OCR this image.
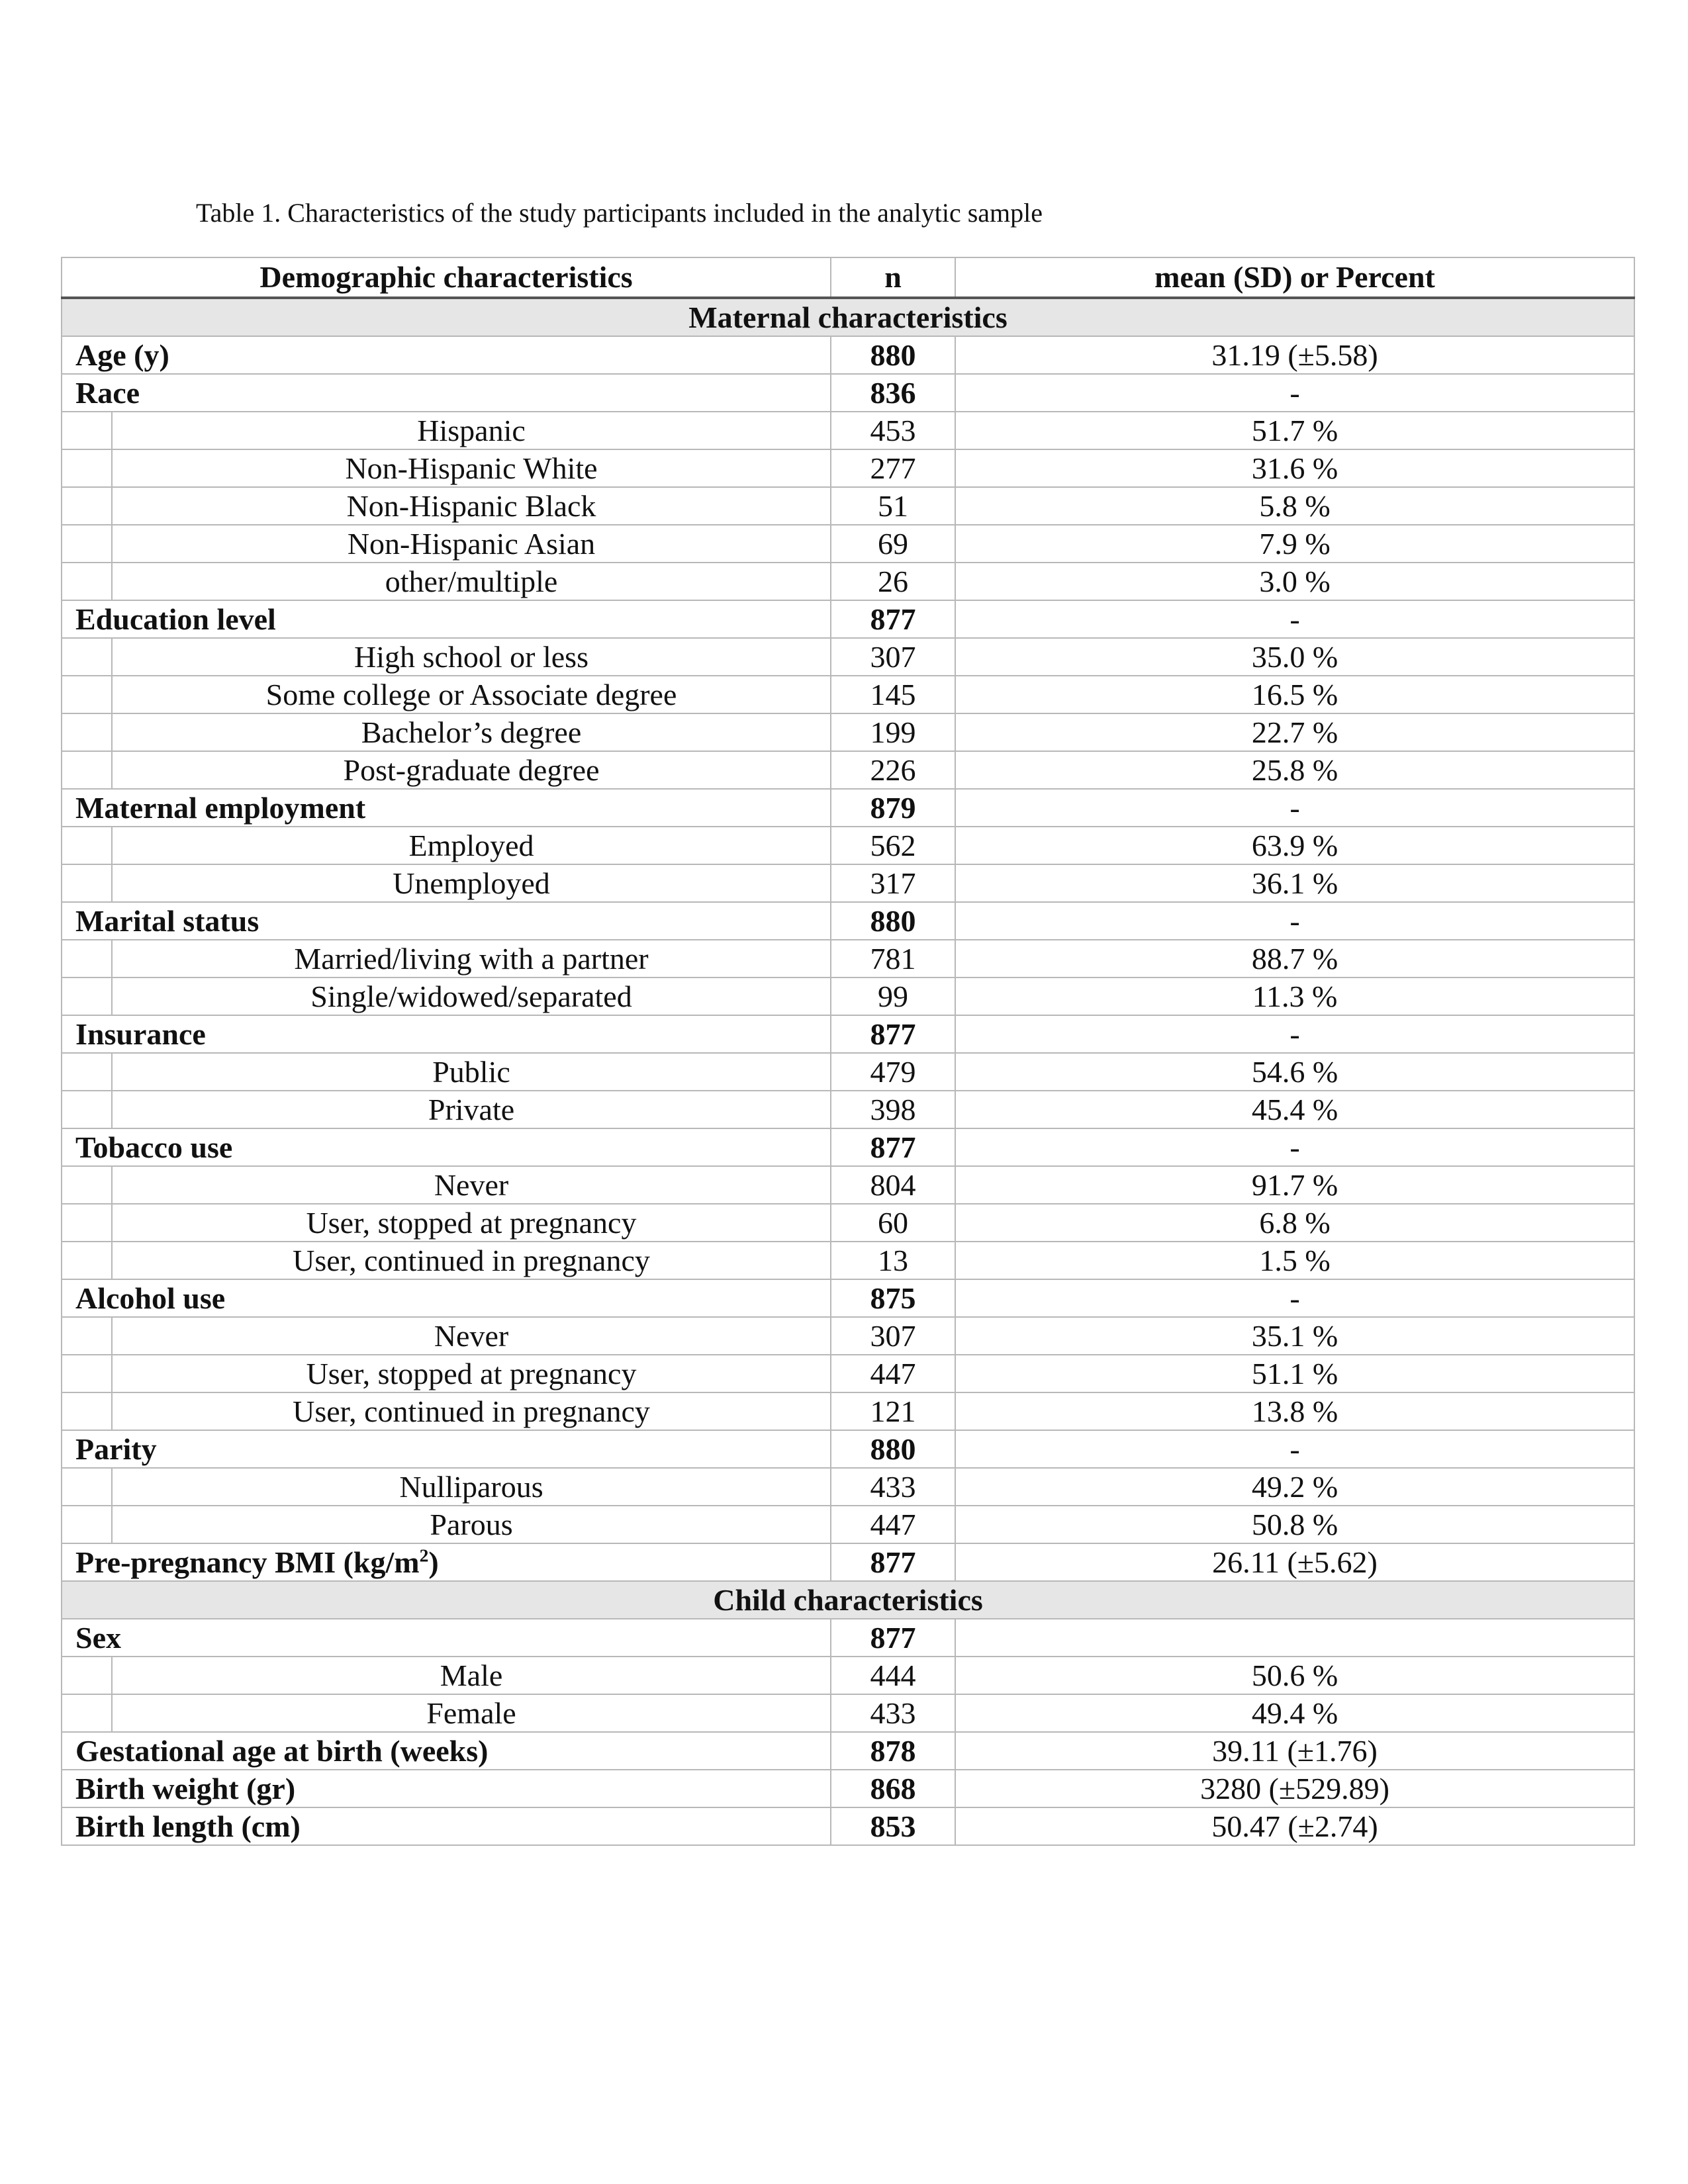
Table 1. Characteristics of the study participants included in the analytic sample
Demographic characteristics		n	mean (SD) or Percent
Maternal characteristics			
Age (y)		880	31.19 (±5.58)
Race		836	-
	Hispanic	453	51.7 %
	Non-Hispanic White	277	31.6 %
	Non-Hispanic Black	51	5.8 %
	Non-Hispanic Asian	69	7.9 %
	other/multiple	26	3.0 %
Education level		877	-
	High school or less	307	35.0 %
	Some college or Associate degree	145	16.5 %
	Bachelor’s degree	199	22.7 %
	Post-graduate degree	226	25.8 %
Maternal employment		879	-
	Employed	562	63.9 %
	Unemployed	317	36.1 %
Marital status		880	-
	Married/living with a partner	781	88.7 %
	Single/widowed/separated	99	11.3 %
Insurance		877	-
	Public	479	54.6 %
	Private	398	45.4 %
Tobacco use		877	-
	Never	804	91.7 %
	User, stopped at pregnancy	60	6.8 %
	User, continued in pregnancy	13	1.5 %
Alcohol use		875	-
	Never	307	35.1 %
	User, stopped at pregnancy	447	51.1 %
	User, continued in pregnancy	121	13.8 %
Parity		880	-
	Nulliparous	433	49.2 %
	Parous	447	50.8 %
Pre-pregnancy BMI $(kg/m^2)$		877	26.11 (±5.62)
Child characteristics			
Sex		877	
	Male	444	50.6 %
	Female	433	49.4 %
Gestational age at birth (weeks)		878	39.11 (±1.76)
Birth weight (gr)		868	3280 (±529.89)
Birth length (cm)		853	50.47 (±2.74)
